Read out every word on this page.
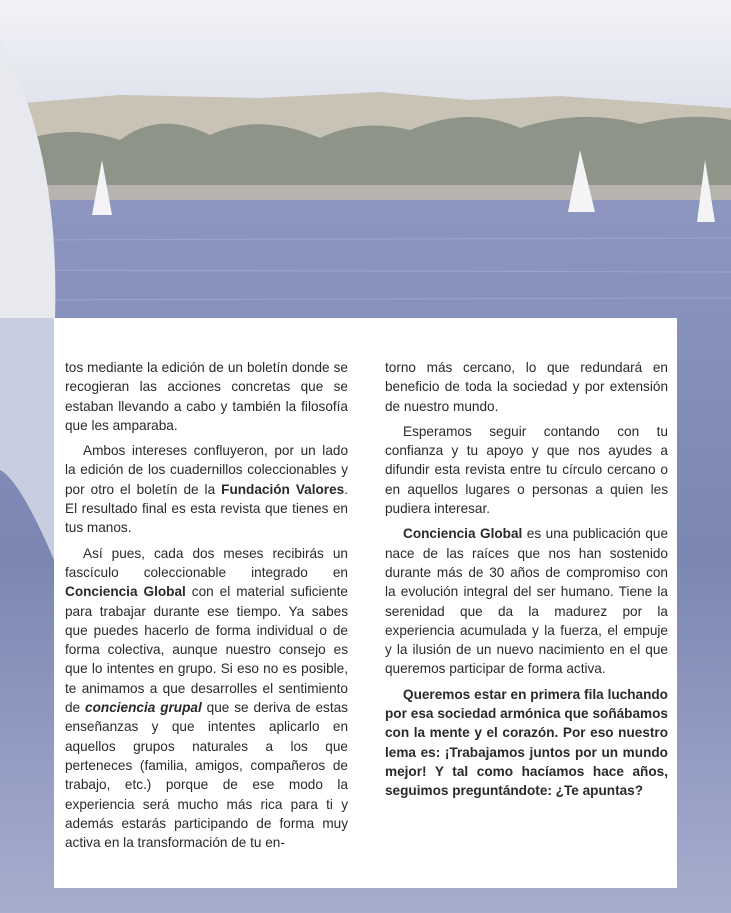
tos mediante la edición de un boletín donde se recogieran las acciones concretas que se estaban llevando a cabo y también la filosofía que les amparaba.

Ambos intereses confluyeron, por un lado la edición de los cuadernillos coleccionables y por otro el boletín de la Fundación Valores. El resultado final es esta revista que tienes en tus manos.

Así pues, cada dos meses recibirás un fascículo coleccionable integrado en Conciencia Global con el material suficiente para trabajar durante ese tiempo. Ya sabes que puedes hacerlo de forma individual o de forma colectiva, aunque nuestro consejo es que lo intentes en grupo. Si eso no es posible, te animamos a que desarrolles el sentimiento de conciencia grupal que se deriva de estas enseñanzas y que intentes aplicarlo en aquellos grupos naturales a los que perteneces (familia, amigos, compañeros de trabajo, etc.) porque de ese modo la experiencia será mucho más rica para ti y además estarás participando de forma muy activa en la transformación de tu en-

torno más cercano, lo que redundará en beneficio de toda la sociedad y por extensión de nuestro mundo.

Esperamos seguir contando con tu confianza y tu apoyo y que nos ayudes a difundir esta revista entre tu círculo cercano o en aquellos lugares o personas a quien les pudiera interesar.

Conciencia Global es una publicación que nace de las raíces que nos han sostenido durante más de 30 años de compromiso con la evolución integral del ser humano. Tiene la serenidad que da la madurez por la experiencia acumulada y la fuerza, el empuje y la ilusión de un nuevo nacimiento en el que queremos participar de forma activa.

Queremos estar en primera fila luchando por esa sociedad armónica que soñábamos con la mente y el corazón. Por eso nuestro lema es: ¡Trabajamos juntos por un mundo mejor! Y tal como hacíamos hace años, seguimos preguntándote: ¿Te apuntas?
